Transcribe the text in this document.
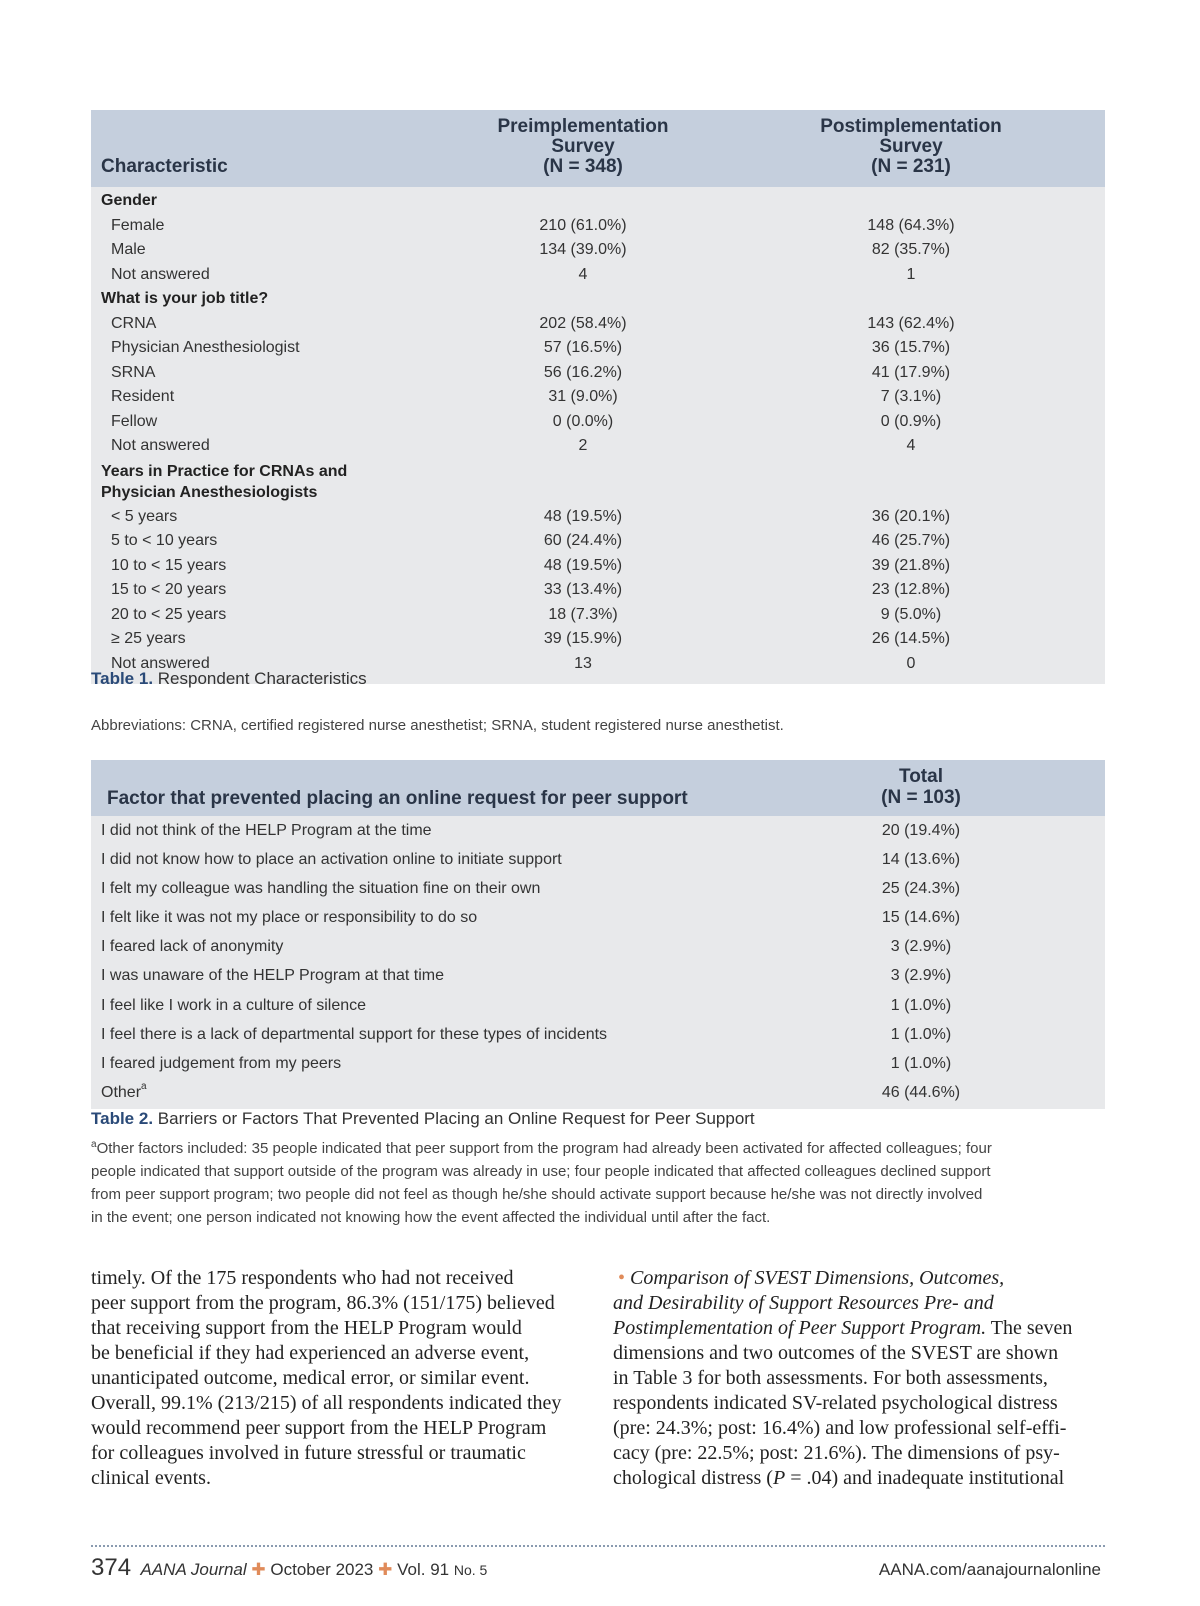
Characteristic
Preimplementation
Survey
(N = 348)
Postimplementation
Survey
(N = 231)
Gender
Female	210 (61.0%)	148 (64.3%)
Male	134 (39.0%)	82 (35.7%)
Not answered	4	1
What is your job title?
CRNA	202 (58.4%)	143 (62.4%)
Physician Anesthesiologist	57 (16.5%)	36 (15.7%)
SRNA	56 (16.2%)	41 (17.9%)
Resident	31 (9.0%)	7 (3.1%)
Fellow	0 (0.0%)	0 (0.9%)
Not answered	2	4
Years in Practice for CRNAs and
Physician Anesthesiologists
< 5 years	48 (19.5%)	36 (20.1%)
5 to < 10 years	60 (24.4%)	46 (25.7%)
10 to < 15 years	48 (19.5%)	39 (21.8%)
15 to < 20 years	33 (13.4%)	23 (12.8%)
20 to < 25 years	18 (7.3%)	9 (5.0%)
≥ 25 years	39 (15.9%)	26 (14.5%)
Not answered	13	0
Table 1. Respondent Characteristics
Abbreviations: CRNA, certified registered nurse anesthetist; SRNA, student registered nurse anesthetist.
Factor that prevented placing an online request for peer support
Total
(N = 103)
I did not think of the HELP Program at the time	20 (19.4%)
I did not know how to place an activation online to initiate support	14 (13.6%)
I felt my colleague was handling the situation fine on their own	25 (24.3%)
I felt like it was not my place or responsibility to do so	15 (14.6%)
I feared lack of anonymity	3 (2.9%)
I was unaware of the HELP Program at that time	3 (2.9%)
I feel like I work in a culture of silence	1 (1.0%)
I feel there is a lack of departmental support for these types of incidents	1 (1.0%)
I feared judgement from my peers	1 (1.0%)
Other$^a$	46 (44.6%)
Table 2. Barriers or Factors That Prevented Placing an Online Request for Peer Support
$^a$Other factors included: 35 people indicated that peer support from the program had already been activated for affected colleagues; four
people indicated that support outside of the program was already in use; four people indicated that affected colleagues declined support
from peer support program; two people did not feel as though he/she should activate support because he/she was not directly involved
in the event; one person indicated not knowing how the event affected the individual until after the fact.

timely. Of the 175 respondents who had not received

peer support from the program, 86.3% (151/175) believed

that receiving support from the HELP Program would

be beneficial if they had experienced an adverse event,

unanticipated outcome, medical error, or similar event.

Overall, 99.1% (213/215) of all respondents indicated they

would recommend peer support from the HELP Program

for colleagues involved in future stressful or traumatic

clinical events.

• Comparison of SVEST Dimensions, Outcomes,

and Desirability of Support Resources Pre- and

Postimplementation of Peer Support Program. The seven

dimensions and two outcomes of the SVEST are shown

in Table 3 for both assessments. For both assessments,

respondents indicated SV-related psychological distress

(pre: 24.3%; post: 16.4%) and low professional self-effi-

cacy (pre: 22.5%; post: 21.6%). The dimensions of psy-

chological distress (P = .04) and inadequate institutional

374 AANA Journal ✚ October 2023 ✚ Vol. 91 No. 5	AANA.com/aanajournalonline
